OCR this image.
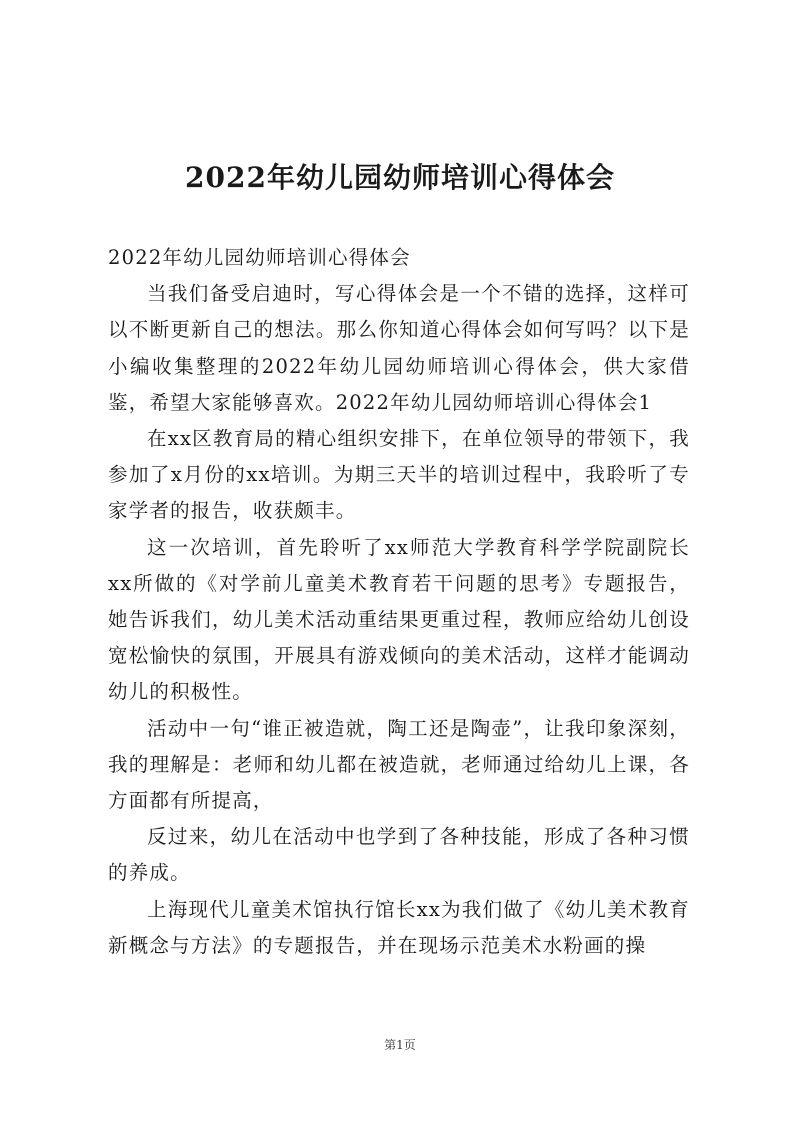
2022年幼儿园幼师培训心得体会

2022年幼儿园幼师培训心得体会

当我们备受启迪时，写心得体会是一个不错的选择，这样可以不断更新自己的想法。那么你知道心得体会如何写吗？以下是小编收集整理的2022年幼儿园幼师培训心得体会，供大家借鉴，希望大家能够喜欢。2022年幼儿园幼师培训心得体会1

在xx区教育局的精心组织安排下，在单位领导的带领下，我参加了x月份的xx培训。为期三天半的培训过程中，我聆听了专家学者的报告，收获颇丰。

这一次培训，首先聆听了xx师范大学教育科学学院副院长xx所做的《对学前儿童美术教育若干问题的思考》专题报告，她告诉我们，幼儿美术活动重结果更重过程，教师应给幼儿创设宽松愉快的氛围，开展具有游戏倾向的美术活动，这样才能调动幼儿的积极性。

活动中一句“谁正被造就，陶工还是陶壶”，让我印象深刻，我的理解是：老师和幼儿都在被造就，老师通过给幼儿上课，各方面都有所提高，

反过来，幼儿在活动中也学到了各种技能，形成了各种习惯的养成。

上海现代儿童美术馆执行馆长xx为我们做了《幼儿美术教育新概念与方法》的专题报告，并在现场示范美术水粉画的操

第1页
